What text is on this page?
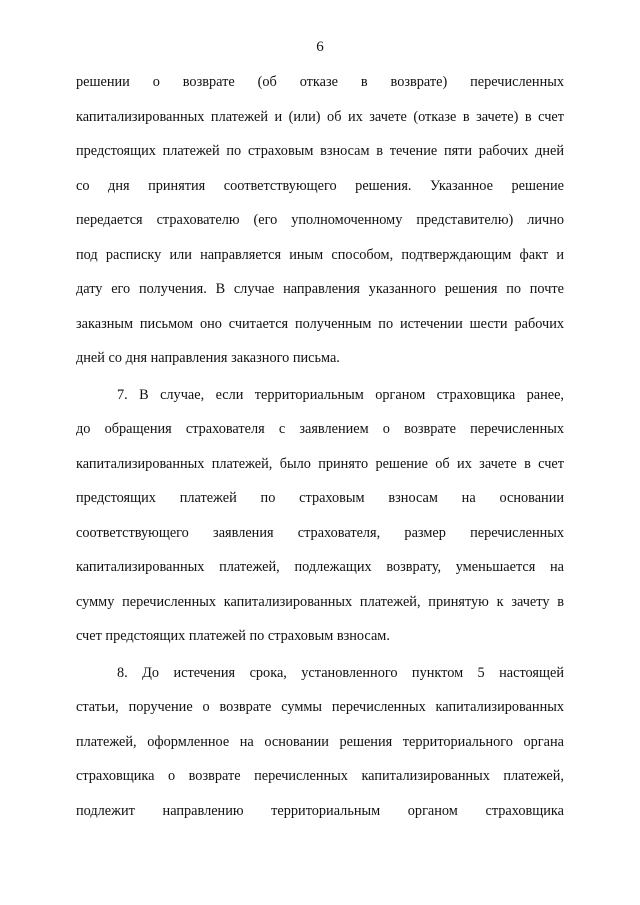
6
решении о возврате (об отказе в возврате) перечисленных
капитализированных платежей и (или) об их зачете (отказе в зачете) в счет
предстоящих платежей по страховым взносам в течение пяти рабочих дней
со дня принятия соответствующего решения. Указанное решение
передается страхователю (его уполномоченному представителю) лично
под расписку или направляется иным способом, подтверждающим факт и
дату его получения. В случае направления указанного решения по почте
заказным письмом оно считается полученным по истечении шести рабочих
дней со дня направления заказного письма.
7. В случае, если территориальным органом страховщика ранее,
до обращения страхователя с заявлением о возврате перечисленных
капитализированных платежей, было принято решение об их зачете в счет
предстоящих платежей по страховым взносам на основании
соответствующего заявления страхователя, размер перечисленных
капитализированных платежей, подлежащих возврату, уменьшается на
сумму перечисленных капитализированных платежей, принятую к зачету в
счет предстоящих платежей по страховым взносам.
8. До истечения срока, установленного пунктом 5 настоящей
статьи, поручение о возврате суммы перечисленных капитализированных
платежей, оформленное на основании решения территориального органа
страховщика о возврате перечисленных капитализированных платежей,
подлежит направлению территориальным органом страховщика
